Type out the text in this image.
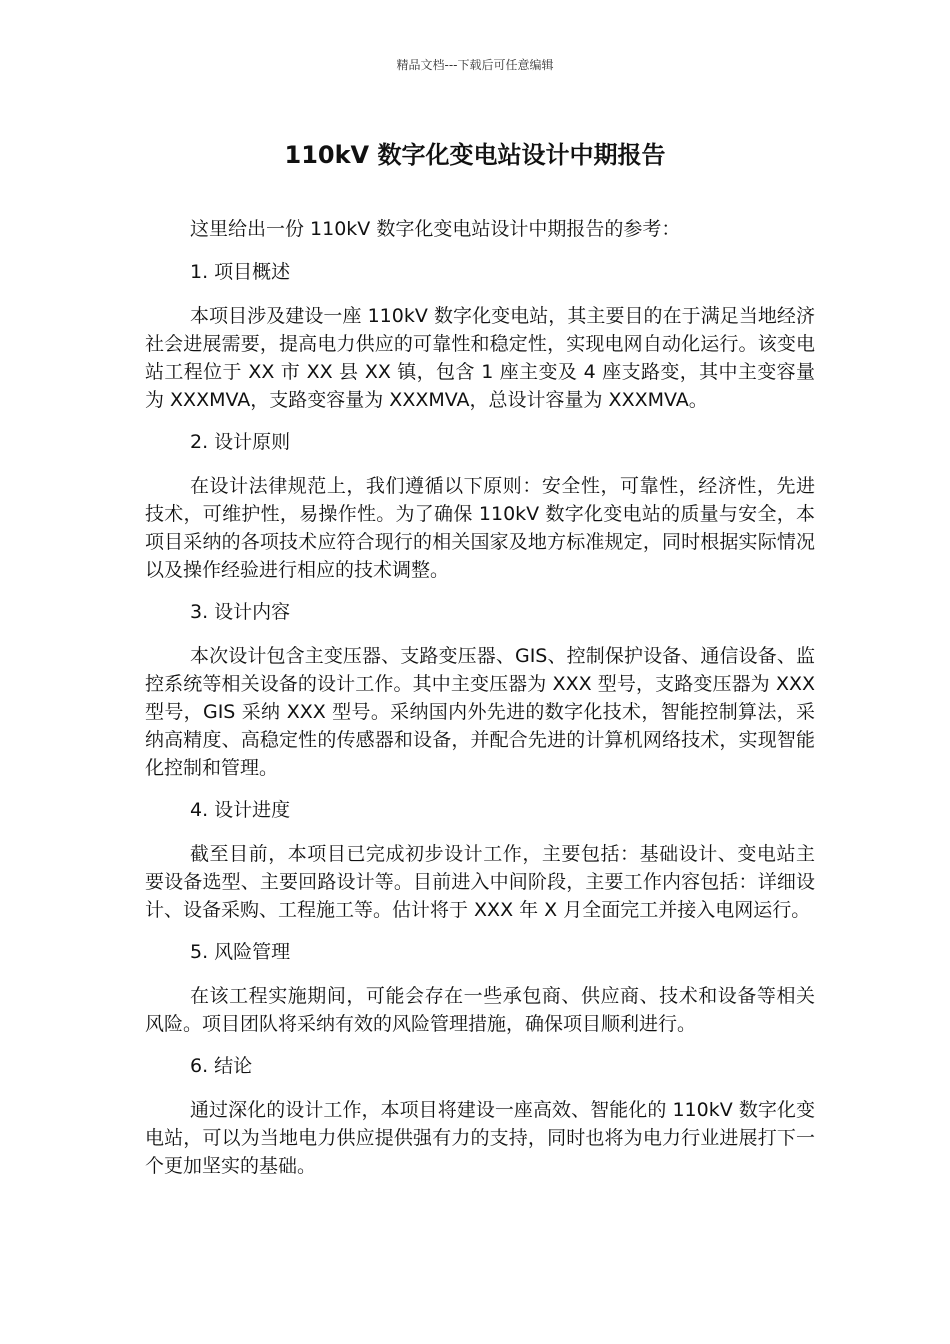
精品文档---下载后可任意编辑
110kV 数字化变电站设计中期报告

这里给出一份 110kV 数字化变电站设计中期报告的参考：

1. 项目概述

本项目涉及建设一座 110kV 数字化变电站，其主要目的在于满足当地经济社会进展需要，提高电力供应的可靠性和稳定性，实现电网自动化运行。该变电站工程位于 XX 市 XX 县 XX 镇，包含 1 座主变及 4 座支路变，其中主变容量为 XXXMVA，支路变容量为 XXXMVA，总设计容量为 XXXMVA。

2. 设计原则

在设计法律规范上，我们遵循以下原则：安全性，可靠性，经济性，先进技术，可维护性，易操作性。为了确保 110kV 数字化变电站的质量与安全，本项目采纳的各项技术应符合现行的相关国家及地方标准规定，同时根据实际情况以及操作经验进行相应的技术调整。

3. 设计内容

本次设计包含主变压器、支路变压器、GIS、控制保护设备、通信设备、监控系统等相关设备的设计工作。其中主变压器为 XXX 型号，支路变压器为 XXX 型号，GIS 采纳 XXX 型号。采纳国内外先进的数字化技术，智能控制算法，采纳高精度、高稳定性的传感器和设备，并配合先进的计算机网络技术，实现智能化控制和管理。

4. 设计进度

截至目前，本项目已完成初步设计工作，主要包括：基础设计、变电站主要设备选型、主要回路设计等。目前进入中间阶段，主要工作内容包括：详细设计、设备采购、工程施工等。估计将于 XXX 年 X 月全面完工并接入电网运行。

5. 风险管理

在该工程实施期间，可能会存在一些承包商、供应商、技术和设备等相关风险。项目团队将采纳有效的风险管理措施，确保项目顺利进行。

6. 结论

通过深化的设计工作，本项目将建设一座高效、智能化的 110kV 数字化变电站，可以为当地电力供应提供强有力的支持，同时也将为电力行业进展打下一个更加坚实的基础。
